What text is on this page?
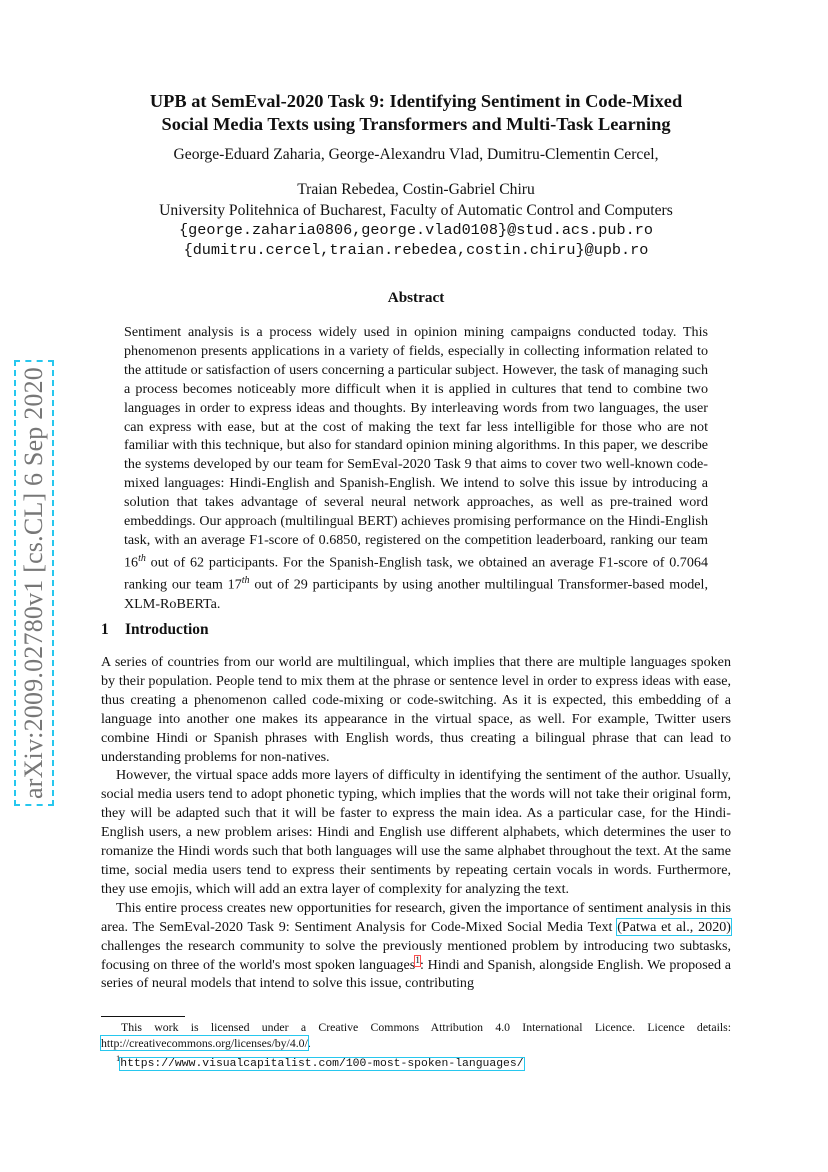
arXiv:2009.02780v1 [cs.CL] 6 Sep 2020
UPB at SemEval-2020 Task 9: Identifying Sentiment in Code-Mixed
Social Media Texts using Transformers and Multi-Task Learning
George-Eduard Zaharia, George-Alexandru Vlad, Dumitru-Clementin Cercel,
Traian Rebedea, Costin-Gabriel Chiru
University Politehnica of Bucharest, Faculty of Automatic Control and Computers
{george.zaharia0806,george.vlad0108}@stud.acs.pub.ro
{dumitru.cercel,traian.rebedea,costin.chiru}@upb.ro
Abstract

Sentiment analysis is a process widely used in opinion mining campaigns conducted today. This phenomenon presents applications in a variety of fields, especially in collecting information related to the attitude or satisfaction of users concerning a particular subject. However, the task of managing such a process becomes noticeably more difficult when it is applied in cultures that tend to combine two languages in order to express ideas and thoughts. By interleaving words from two languages, the user can express with ease, but at the cost of making the text far less intelligible for those who are not familiar with this technique, but also for standard opinion mining algorithms. In this paper, we describe the systems developed by our team for SemEval-2020 Task 9 that aims to cover two well-known code-mixed languages: Hindi-English and Spanish-English. We intend to solve this issue by introducing a solution that takes advantage of several neural network approaches, as well as pre-trained word embeddings. Our approach (multilingual BERT) achieves promising performance on the Hindi-English task, with an average F1-score of 0.6850, registered on the competition leaderboard, ranking our team 16th out of 62 participants. For the Spanish-English task, we obtained an average F1-score of 0.7064 ranking our team 17th out of 29 participants by using another multilingual Transformer-based model, XLM-RoBERTa.

1 Introduction

A series of countries from our world are multilingual, which implies that there are multiple languages spoken by their population. People tend to mix them at the phrase or sentence level in order to express ideas with ease, thus creating a phenomenon called code-mixing or code-switching. As it is expected, this embedding of a language into another one makes its appearance in the virtual space, as well. For example, Twitter users combine Hindi or Spanish phrases with English words, thus creating a bilingual phrase that can lead to understanding problems for non-natives.

However, the virtual space adds more layers of difficulty in identifying the sentiment of the author. Usually, social media users tend to adopt phonetic typing, which implies that the words will not take their original form, they will be adapted such that it will be faster to express the main idea. As a particular case, for the Hindi-English users, a new problem arises: Hindi and English use different alphabets, which determines the user to romanize the Hindi words such that both languages will use the same alphabet throughout the text. At the same time, social media users tend to express their sentiments by repeating certain vocals in words. Furthermore, they use emojis, which will add an extra layer of complexity for analyzing the text.

This entire process creates new opportunities for research, given the importance of sentiment analysis in this area. The SemEval-2020 Task 9: Sentiment Analysis for Code-Mixed Social Media Text (Patwa et al., 2020) challenges the research community to solve the previously mentioned problem by introducing two subtasks, focusing on three of the world's most spoken languages$^1$: Hindi and Spanish, alongside English. We proposed a series of neural models that intend to solve this issue, contributing

This work is licensed under a Creative Commons Attribution 4.0 International Licence. Licence details: http://creativecommons.org/licenses/by/4.0/.
$^1$https://www.visualcapitalist.com/100-most-spoken-languages/
